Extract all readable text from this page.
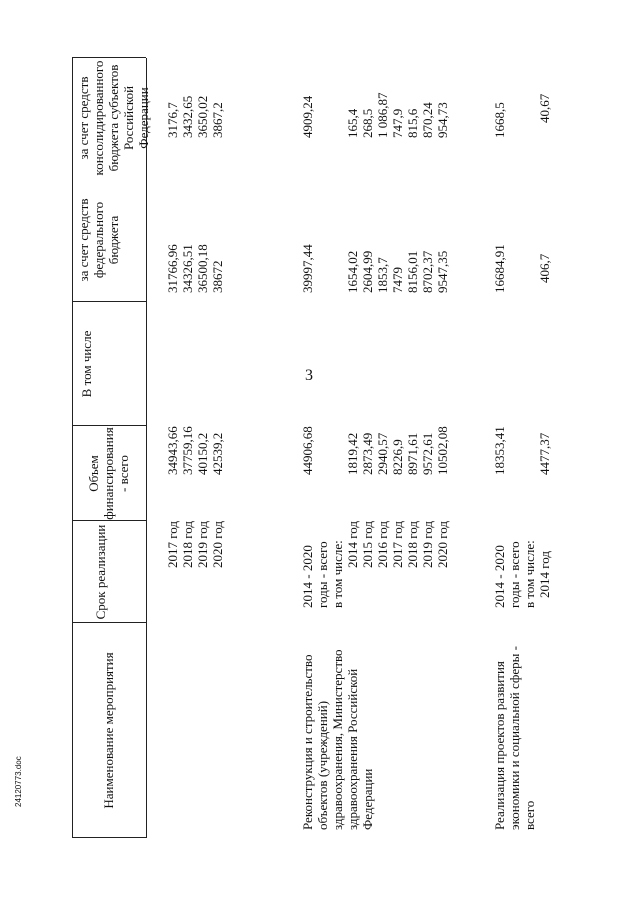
3
24120773.doc	Наименование мероприятия
Срок реализации
Объем финансирования - всего
В том числе
за счет средств федерального бюджета
за счет средств консолидированного бюджета субъектов Российской Федерации
2017 год 2018 год 2019 год 2020 год
34943,66 37759,16 40150,2 42539,2
31766,96 34326,51 36500,18 38672
3176,7 3432,65 3650,02 3867,2
Реконструкция и строительство объектов (учреждений) здравоохранения, Министерство здравоохранения Российской Федерации
2014 - 2020 годы - всего в том числе: 2014 год 2015 год 2016 год 2017 год 2018 год 2019 год 2020 год
44906,68
39997,44
4909,24
1819,42 2873,49 2940,57 8226,9 8971,61 9572,61 10502,08
1654,02 2604,99 1853,7 7479 8156,01 8702,37 9547,35
165,4 268,5 1 086,87 747,9 815,6 870,24 954,73
Реализация проектов развития экономики и социальной сферы - всего
2014 - 2020 годы - всего в том числе: 2014 год
18353,41
16684,91
1668,5
4477,37
406,7
40,67
